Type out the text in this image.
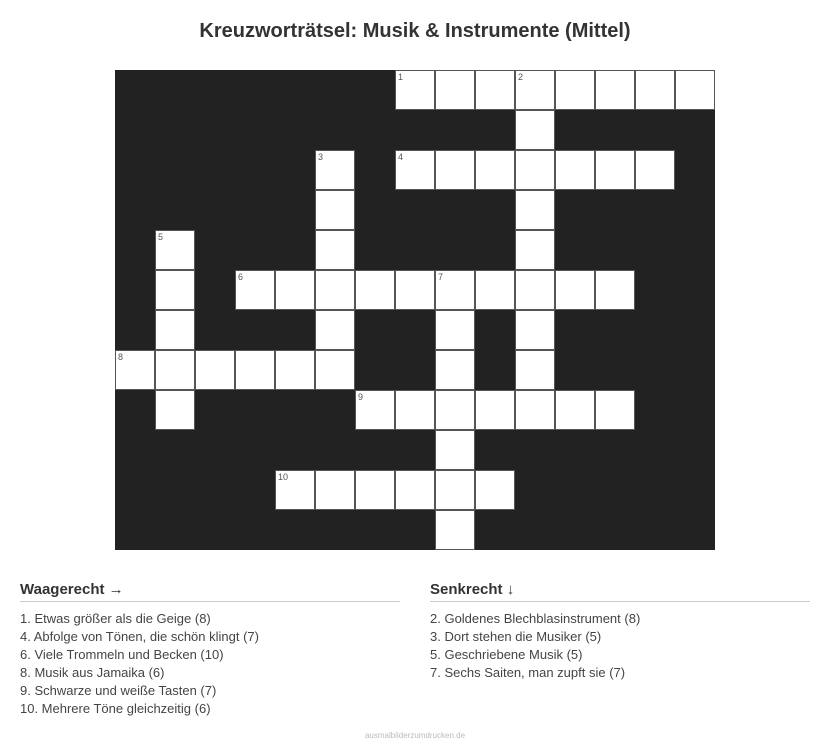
Kreuzworträtsel: Musik & Instrumente (Mittel)
1	2
3	4
5
6	7
8
9
10
Waagerecht →
1. Etwas größer als die Geige (8)
4. Abfolge von Tönen, die schön klingt (7)
6. Viele Trommeln und Becken (10)
8. Musik aus Jamaika (6)
9. Schwarze und weiße Tasten (7)
10. Mehrere Töne gleichzeitig (6)
Senkrecht ↓
2. Goldenes Blechblasinstrument (8)
3. Dort stehen die Musiker (5)
5. Geschriebene Musik (5)
7. Sechs Saiten, man zupft sie (7)
ausmalbilderzumdrucken.de
